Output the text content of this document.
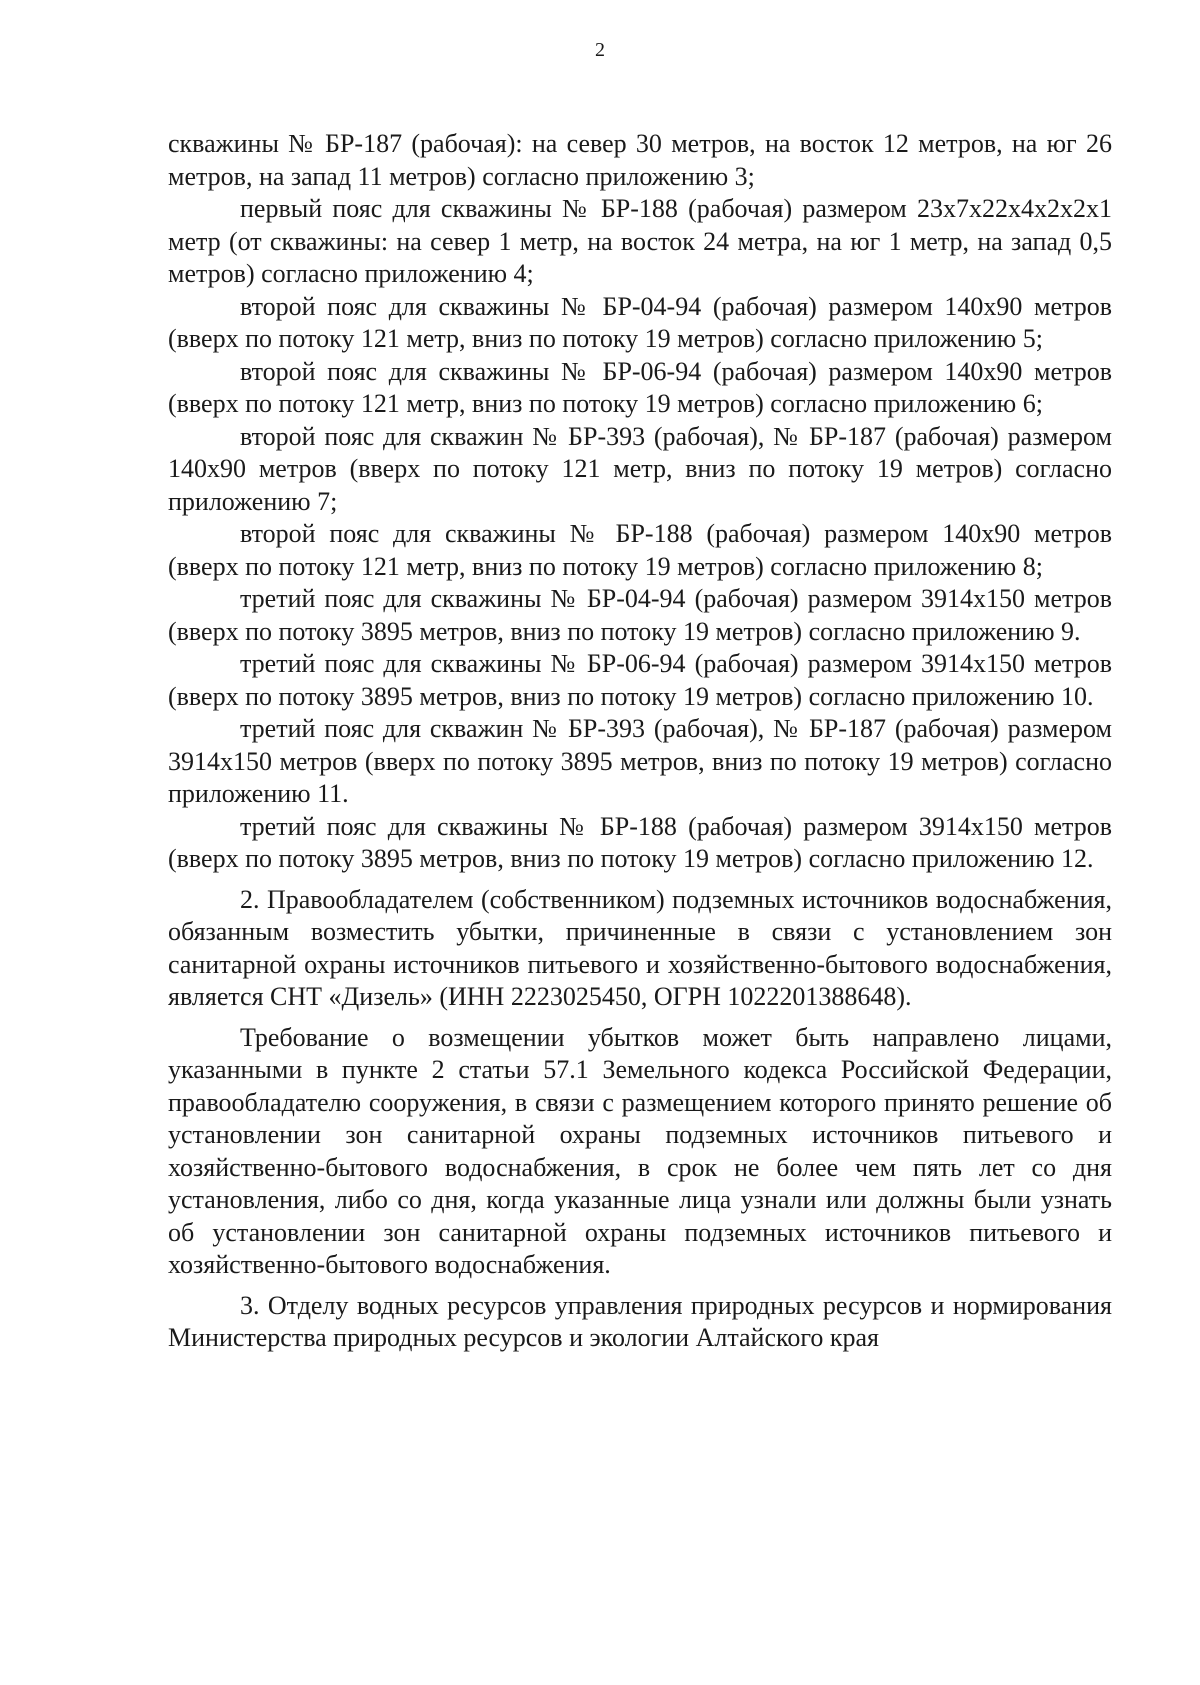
2

скважины № БР-187 (рабочая): на север 30 метров, на восток 12 метров, на юг 26 метров, на запад 11 метров) согласно приложению 3;

первый пояс для скважины № БР-188 (рабочая) размером 23х7х22х4х2х2х1 метр (от скважины: на север 1 метр, на восток 24 метра, на юг 1 метр, на запад 0,5 метров) согласно приложению 4;

второй пояс для скважины № БР-04-94 (рабочая) размером 140х90 метров (вверх по потоку 121 метр, вниз по потоку 19 метров) согласно приложению 5;

второй пояс для скважины № БР-06-94 (рабочая) размером 140х90 метров (вверх по потоку 121 метр, вниз по потоку 19 метров) согласно приложению 6;

второй пояс для скважин № БР-393 (рабочая), № БР-187 (рабочая) размером 140х90 метров (вверх по потоку 121 метр, вниз по потоку 19 метров) согласно приложению 7;

второй пояс для скважины № БР-188 (рабочая) размером 140х90 метров (вверх по потоку 121 метр, вниз по потоку 19 метров) согласно приложению 8;

третий пояс для скважины № БР-04-94 (рабочая) размером 3914х150 метров (вверх по потоку 3895 метров, вниз по потоку 19 метров) согласно приложению 9.

третий пояс для скважины № БР-06-94 (рабочая) размером 3914х150 метров (вверх по потоку 3895 метров, вниз по потоку 19 метров) согласно приложению 10.

третий пояс для скважин № БР-393 (рабочая), № БР-187 (рабочая) размером 3914х150 метров (вверх по потоку 3895 метров, вниз по потоку 19 метров) согласно приложению 11.

третий пояс для скважины № БР-188 (рабочая) размером 3914х150 метров (вверх по потоку 3895 метров, вниз по потоку 19 метров) согласно приложению 12.

2. Правообладателем (собственником) подземных источников водоснабжения, обязанным возместить убытки, причиненные в связи с установлением зон санитарной охраны источников питьевого и хозяйственно-бытового водоснабжения, является СНТ «Дизель» (ИНН 2223025450, ОГРН 1022201388648).

Требование о возмещении убытков может быть направлено лицами, указанными в пункте 2 статьи 57.1 Земельного кодекса Российской Федерации, правообладателю сооружения, в связи с размещением которого принято решение об установлении зон санитарной охраны подземных источников питьевого и хозяйственно-бытового водоснабжения, в срок не более чем пять лет со дня установления, либо со дня, когда указанные лица узнали или должны были узнать об установлении зон санитарной охраны подземных источников питьевого и хозяйственно-бытового водоснабжения.

3. Отделу водных ресурсов управления природных ресурсов и нормирования Министерства природных ресурсов и экологии Алтайского края
